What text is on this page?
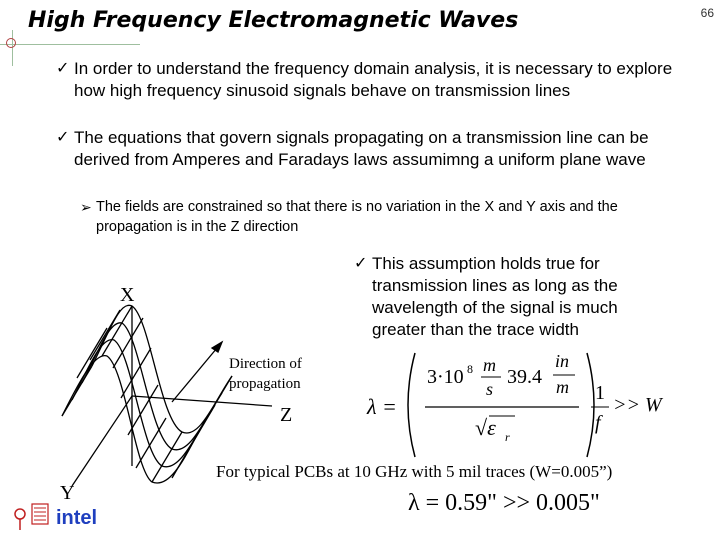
High Frequency Electromagnetic Waves	66
✓ In order to understand the frequency domain analysis, it is necessary to explore how high frequency sinusoid signals behave on transmission lines
✓ The equations that govern signals propagating on a transmission line can be derived from Amperes and Faradays laws assumimng a uniform plane wave
➢ The fields are constrained so that there is no variation in the X and Y axis and the propagation is in the Z direction
✓ This assumption holds true for transmission lines as long as the wavelength of the signal is much greater than the trace width
X
Y
Z
Direction of
propagation
λ =
3·10 8 m
s
39.4
in
m
√ε r
1
f
>> W
For typical PCBs at 10 GHz with 5 mil traces (W=0.005”)
λ = 0.59" >> 0.005"
intel
